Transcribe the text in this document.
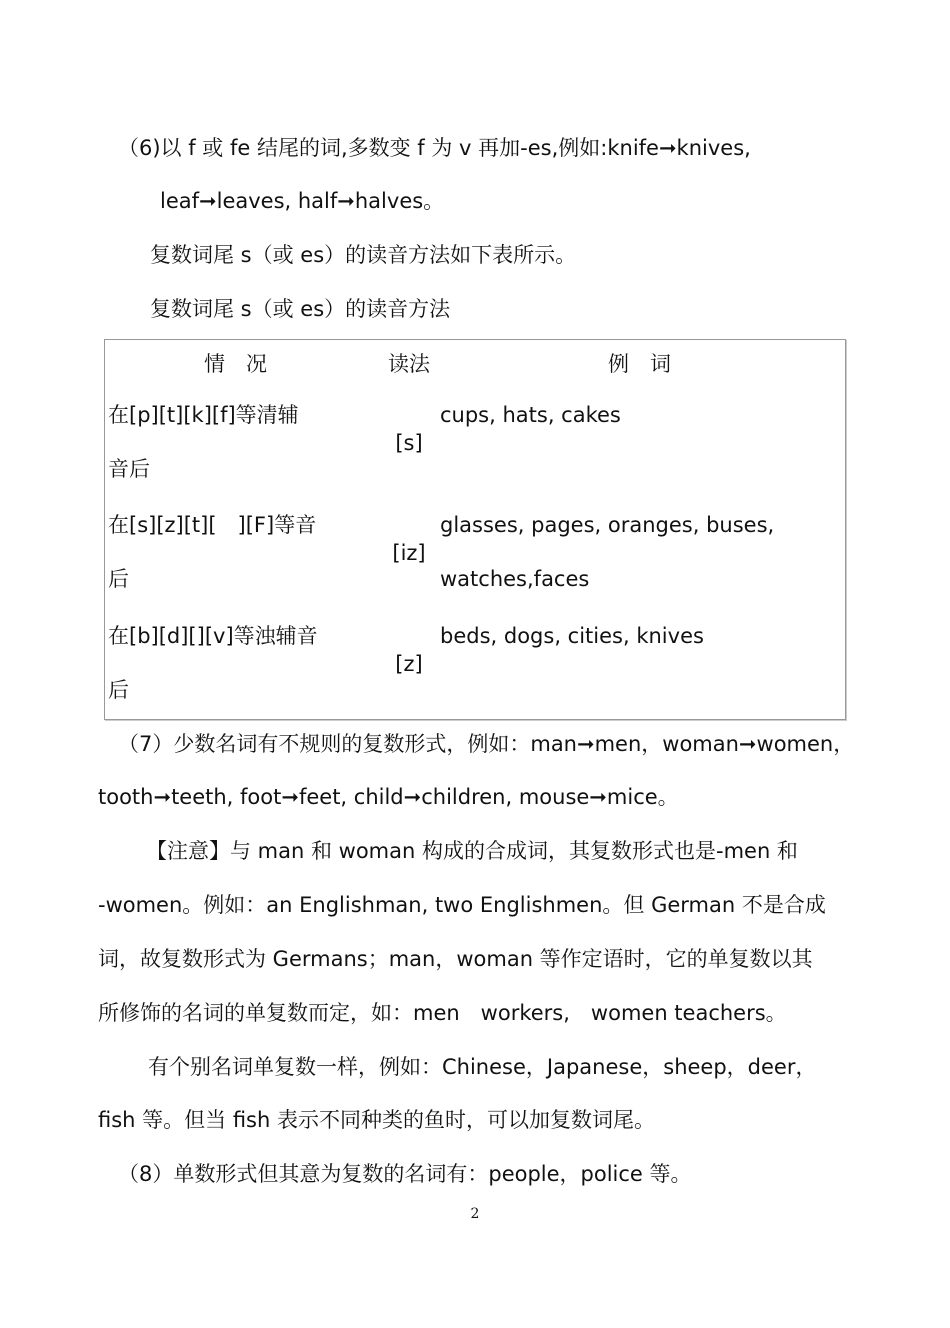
（6)以 f 或 fe 结尾的词,多数变 f 为 v 再加-es,例如:knife➞knives,
leaf➞leaves, half➞halves。
复数词尾 s（或 es）的读音方法如下表所示。
复数词尾 s（或 es）的读音方法
情　况	读法	例　词
在[p][t][k][f]等清辅
音后	[s]	cups, hats, cakes
在[s][z][t][　][F]等音
后	[iz]	glasses, pages, oranges, buses,
watches,faces
在[b][d][][v]等浊辅音
后	[z]	beds, dogs, cities, knives
（7）少数名词有不规则的复数形式，例如：man➞men，woman➞women，
tooth➞teeth, foot➞feet, child➞children, mouse➞mice。
【注意】与 man 和 woman 构成的合成词，其复数形式也是-men 和
-women。例如：an Englishman, two Englishmen。但 German 不是合成
词，故复数形式为 Germans；man，woman 等作定语时，它的单复数以其
所修饰的名词的单复数而定，如：men　workers,　women teachers。
有个别名词单复数一样，例如：Chinese，Japanese，sheep，deer，
fish 等。但当 fish 表示不同种类的鱼时，可以加复数词尾。
（8）单数形式但其意为复数的名词有：people，police 等。
2
